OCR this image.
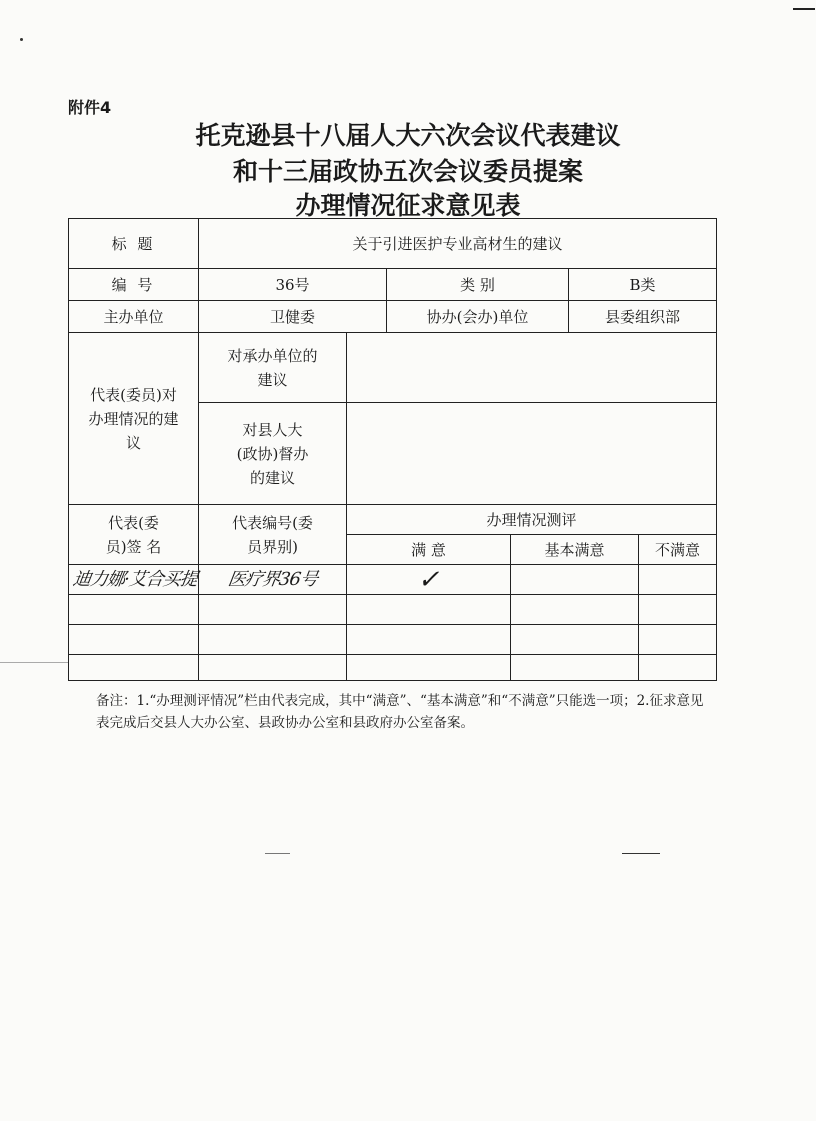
附件4
托克逊县十八届人大六次会议代表建议
和十三届政协五次会议委员提案
办理情况征求意见表
标 题	关于引进医护专业高材生的建议					
编 号	36号		类 别		B类	
主办单位	卫健委		协办(会办)单位		县委组织部	
代表(委员)对办理情况的建议	对承办单位的建议					
	对县人大(政协)督办的建议					
代表(委员)签 名	代表编号(委员界别)	办理情况测评				
		满 意		基本满意		不满意
迪力娜·艾合买提	医疗界36号	✓				

备注：1.“办理测评情况”栏由代表完成，其中“满意”、“基本满意”和“不满意”只能选一项；2.征求意见表完成后交县人大办公室、县政协办公室和县政府办公室备案。
